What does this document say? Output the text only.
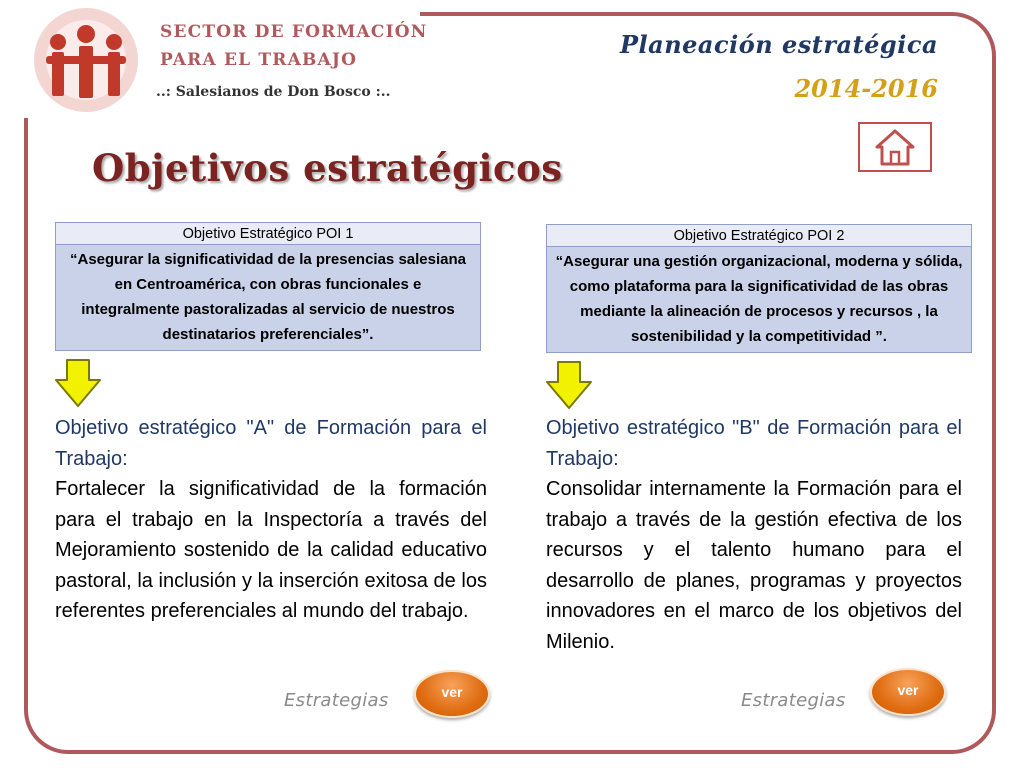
SECTOR DE FORMACIÓN
PARA EL TRABAJO
..: Salesianos de Don Bosco :..
Planeación estratégica
2014-2016
Objetivos estratégicos
Objetivo Estratégico POI 1
“Asegurar la significatividad de la presencias salesiana en Centroamérica, con obras funcionales e integralmente pastoralizadas al servicio de nuestros destinatarios preferenciales”.
Objetivo Estratégico POI 2
“Asegurar una gestión organizacional, moderna y sólida, como plataforma para la significatividad de las obras mediante la alineación de procesos y recursos , la sostenibilidad y la competitividad ”.
Objetivo estratégico "A" de Formación para el Trabajo:
Fortalecer la significatividad de la formación para el trabajo en la Inspectoría a través del Mejoramiento sostenido de la calidad educativo pastoral, la inclusión y la inserción exitosa de los referentes preferenciales al mundo del trabajo.
Objetivo estratégico "B" de Formación para el Trabajo:
Consolidar internamente la Formación para el trabajo a través de la gestión efectiva de los recursos y el talento humano para el desarrollo de planes, programas y proyectos innovadores en el marco de los objetivos del Milenio.
Estrategias	ver	Estrategias	ver
